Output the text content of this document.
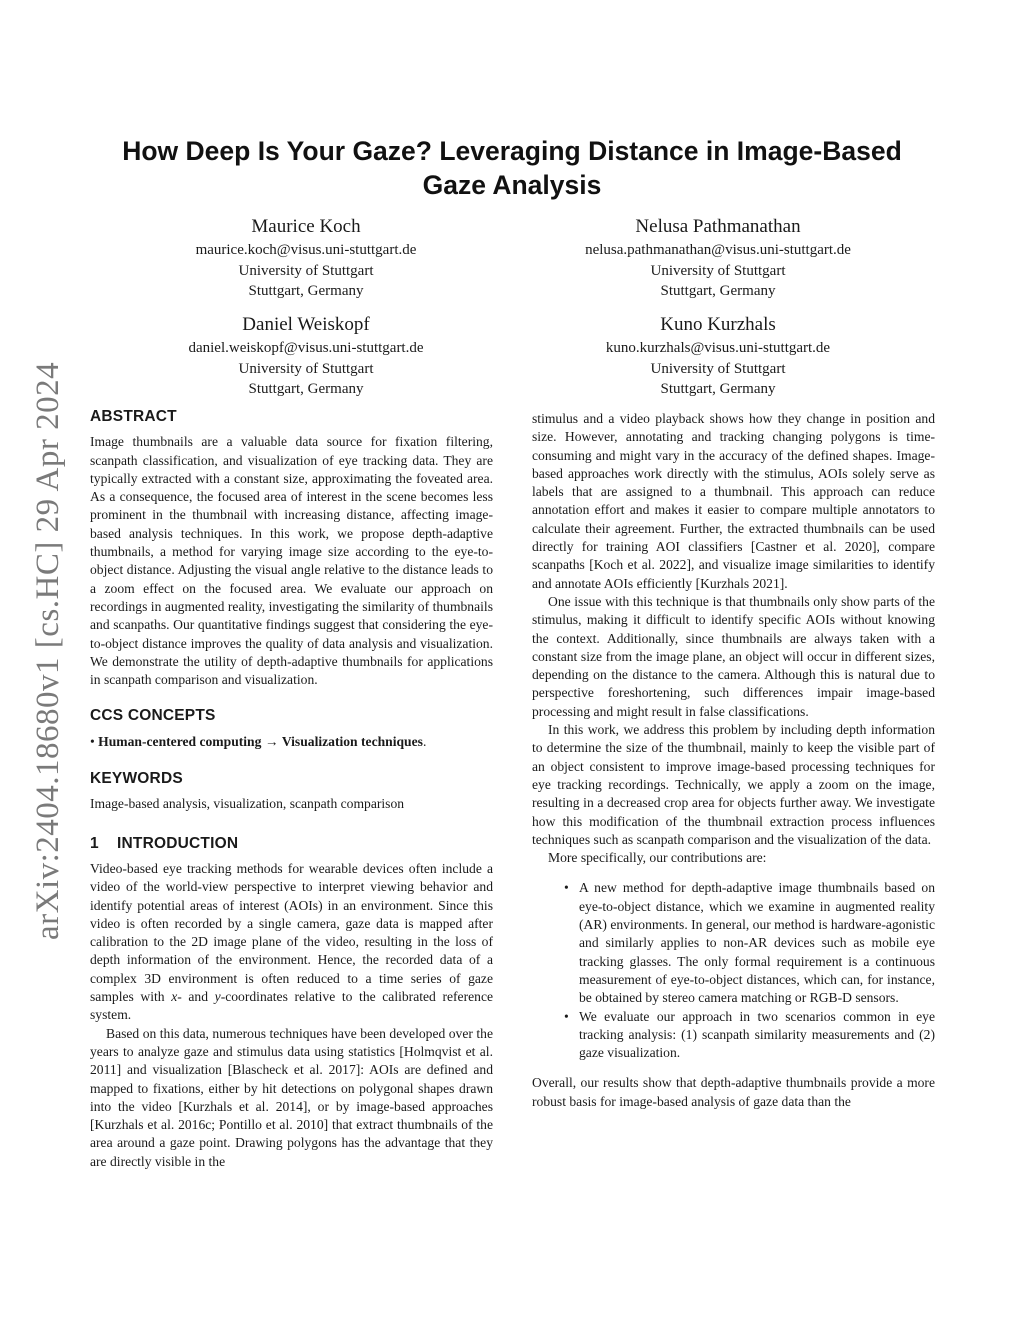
arXiv:2404.18680v1 [cs.HC] 29 Apr 2024
How Deep Is Your Gaze? Leveraging Distance in Image-Based Gaze Analysis
Maurice Koch
maurice.koch@visus.uni-stuttgart.de
University of Stuttgart
Stuttgart, Germany
Nelusa Pathmanathan
nelusa.pathmanathan@visus.uni-stuttgart.de
University of Stuttgart
Stuttgart, Germany
Daniel Weiskopf
daniel.weiskopf@visus.uni-stuttgart.de
University of Stuttgart
Stuttgart, Germany
Kuno Kurzhals
kuno.kurzhals@visus.uni-stuttgart.de
University of Stuttgart
Stuttgart, Germany
ABSTRACT

Image thumbnails are a valuable data source for fixation filtering, scanpath classification, and visualization of eye tracking data. They are typically extracted with a constant size, approximating the foveated area. As a consequence, the focused area of interest in the scene becomes less prominent in the thumbnail with increasing distance, affecting image-based analysis techniques. In this work, we propose depth-adaptive thumbnails, a method for varying image size according to the eye-to-object distance. Adjusting the visual angle relative to the distance leads to a zoom effect on the focused area. We evaluate our approach on recordings in augmented reality, investigating the similarity of thumbnails and scanpaths. Our quantitative findings suggest that considering the eye-to-object distance improves the quality of data analysis and visualization. We demonstrate the utility of depth-adaptive thumbnails for applications in scanpath comparison and visualization.

CCS CONCEPTS

• Human-centered computing → Visualization techniques.

KEYWORDS

Image-based analysis, visualization, scanpath comparison

1 INTRODUCTION

Video-based eye tracking methods for wearable devices often include a video of the world-view perspective to interpret viewing behavior and identify potential areas of interest (AOIs) in an environment. Since this video is often recorded by a single camera, gaze data is mapped after calibration to the 2D image plane of the video, resulting in the loss of depth information of the environment. Hence, the recorded data of a complex 3D environment is often reduced to a time series of gaze samples with x- and y-coordinates relative to the calibrated reference system.

Based on this data, numerous techniques have been developed over the years to analyze gaze and stimulus data using statistics [Holmqvist et al. 2011] and visualization [Blascheck et al. 2017]: AOIs are defined and mapped to fixations, either by hit detections on polygonal shapes drawn into the video [Kurzhals et al. 2014], or by image-based approaches [Kurzhals et al. 2016c; Pontillo et al. 2010] that extract thumbnails of the area around a gaze point. Drawing polygons has the advantage that they are directly visible in the

stimulus and a video playback shows how they change in position and size. However, annotating and tracking changing polygons is time-consuming and might vary in the accuracy of the defined shapes. Image-based approaches work directly with the stimulus, AOIs solely serve as labels that are assigned to a thumbnail. This approach can reduce annotation effort and makes it easier to compare multiple annotators to calculate their agreement. Further, the extracted thumbnails can be used directly for training AOI classifiers [Castner et al. 2020], compare scanpaths [Koch et al. 2022], and visualize image similarities to identify and annotate AOIs efficiently [Kurzhals 2021].

One issue with this technique is that thumbnails only show parts of the stimulus, making it difficult to identify specific AOIs without knowing the context. Additionally, since thumbnails are always taken with a constant size from the image plane, an object will occur in different sizes, depending on the distance to the camera. Although this is natural due to perspective foreshortening, such differences impair image-based processing and might result in false classifications.

In this work, we address this problem by including depth information to determine the size of the thumbnail, mainly to keep the visible part of an object consistent to improve image-based processing techniques for eye tracking recordings. Technically, we apply a zoom on the image, resulting in a decreased crop area for objects further away. We investigate how this modification of the thumbnail extraction process influences techniques such as scanpath comparison and the visualization of the data.

More specifically, our contributions are:

• A new method for depth-adaptive image thumbnails based on eye-to-object distance, which we examine in augmented reality (AR) environments. In general, our method is hardware-agonistic and similarly applies to non-AR devices such as mobile eye tracking glasses. The only formal requirement is a continuous measurement of eye-to-object distances, which can, for instance, be obtained by stereo camera matching or RGB-D sensors.
• We evaluate our approach in two scenarios common in eye tracking analysis: (1) scanpath similarity measurements and (2) gaze visualization.

Overall, our results show that depth-adaptive thumbnails provide a more robust basis for image-based analysis of gaze data than the
